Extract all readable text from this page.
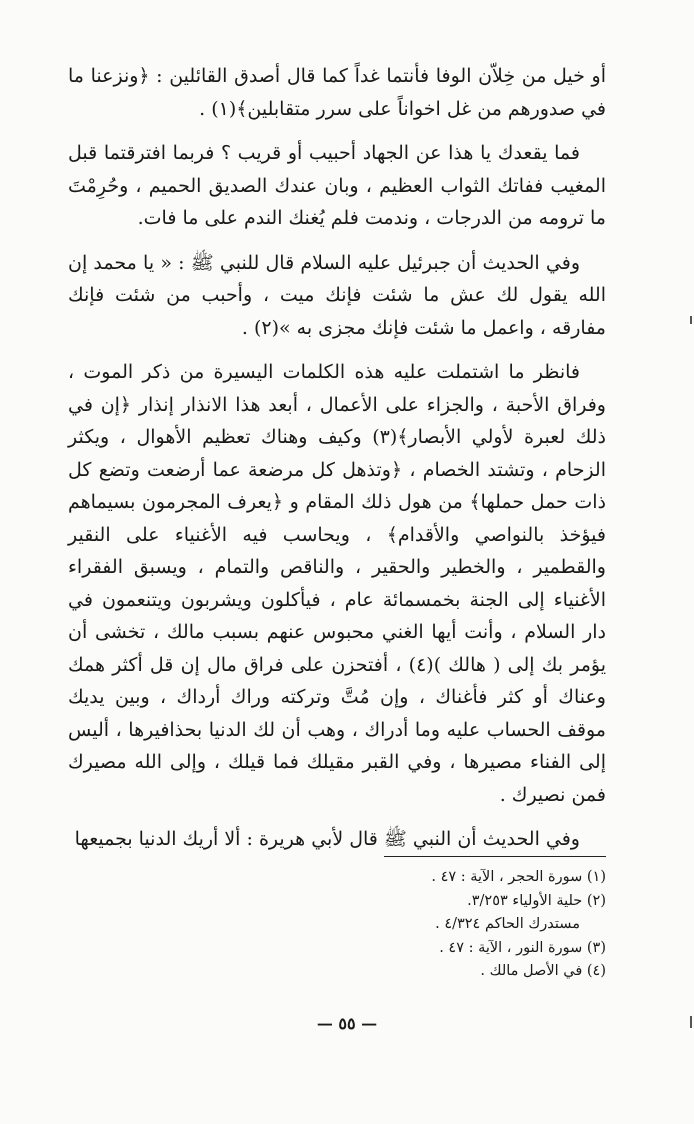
أو خيل من خِلاّن الوفا فأنتما غداً كما قال أصدق القائلين : ﴿ونزعنا ما في صدورهم من غل اخواناً على سرر متقابلين﴾(١) .

فما يقعدك يا هذا عن الجهاد أحبيب أو قريب ؟ فربما افترقتما قبل المغيب ففاتك الثواب العظيم ، وبان عندك الصديق الحميم ، وحُرِمْتَ ما ترومه من الدرجات ، وندمت فلم يُغنك الندم على ما فات.

وفي الحديث أن جبرئيل عليه السلام قال للنبي ﷺ : « يا محمد إن الله يقول لك عش ما شئت فإنك ميت ، وأحبب من شئت فإنك مفارقه ، واعمل ما شئت فإنك مجزى به »(٢) .

فانظر ما اشتملت عليه هذه الكلمات اليسيرة من ذكر الموت ، وفراق الأحبة ، والجزاء على الأعمال ، أبعد هذا الانذار إنذار ﴿إن في ذلك لعبرة لأولي الأبصار﴾(٣) وكيف وهناك تعظيم الأهوال ، ويكثر الزحام ، وتشتد الخصام ، ﴿وتذهل كل مرضعة عما أرضعت وتضع كل ذات حمل حملها﴾ من هول ذلك المقام و ﴿يعرف المجرمون بسيماهم فيؤخذ بالنواصي والأقدام﴾ ، ويحاسب فيه الأغنياء على النقير والقطمير ، والخطير والحقير ، والناقص والتمام ، ويسبق الفقراء الأغنياء إلى الجنة بخمسمائة عام ، فيأكلون ويشربون ويتنعمون في دار السلام ، وأنت أيها الغني محبوس عنهم بسبب مالك ، تخشى أن يؤمر بك إلى ( هالك )(٤) ، أفتحزن على فراق مال إن قل أكثر همك وعناك أو كثر فأغناك ، وإن مُتَّ وتركته وراك أرداك ، وبين يديك موقف الحساب عليه وما أدراك ، وهب أن لك الدنيا بحذافيرها ، أليس إلى الفناء مصيرها ، وفي القبر مقيلك فما قيلك ، وإلى الله مصيرك فمن نصيرك .

وفي الحديث أن النبي ﷺ قال لأبي هريرة : ألا أريك الدنيا بجميعها

(١) سورة الحجر ، الآية : ٤٧ .

(٢) حلية الأولياء ٣/٢٥٣.

مستدرك الحاكم ٤/٣٢٤ .

(٣) سورة النور ، الآية : ٤٧ .

(٤) في الأصل مالك .

— ٥٥ —
